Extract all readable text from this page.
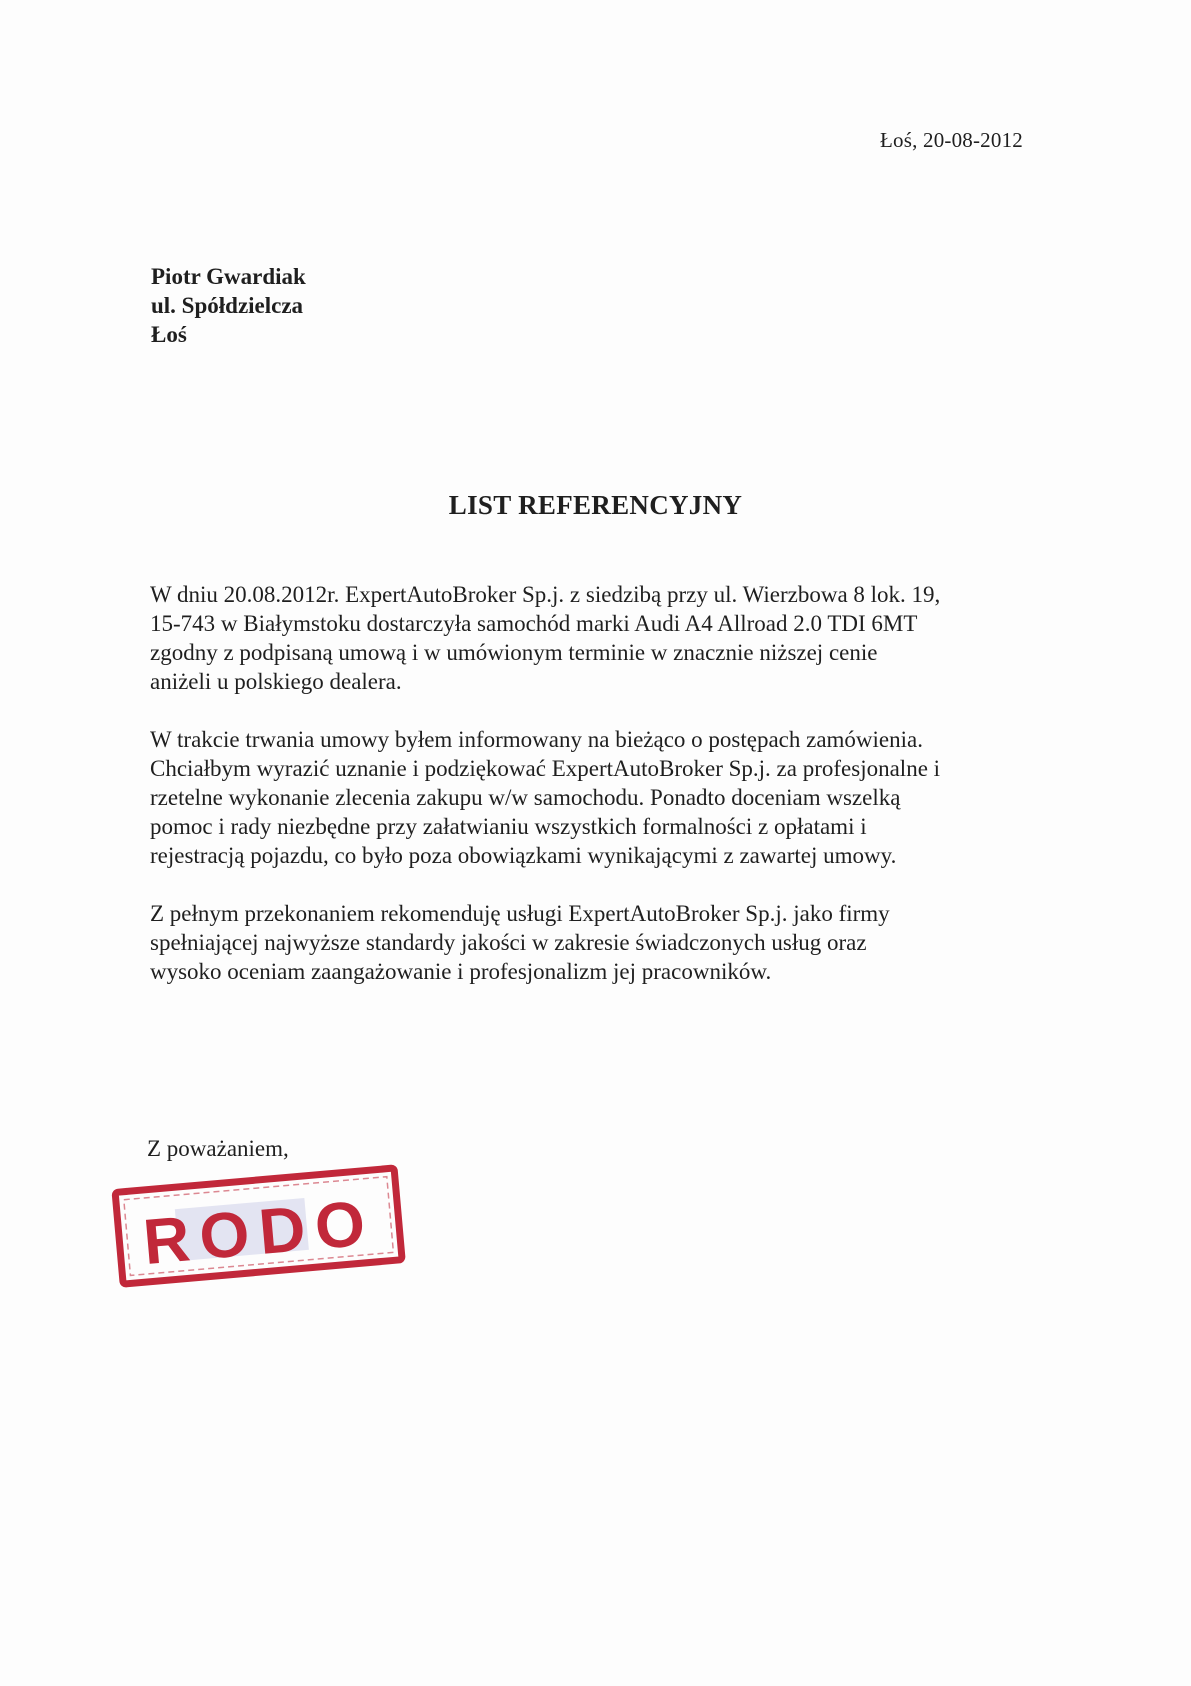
Łoś, 20-08-2012
Piotr Gwardiak
ul. Spółdzielcza
Łoś
LIST REFERENCYJNY
W dniu 20.08.2012r. ExpertAutoBroker Sp.j. z siedzibą przy ul. Wierzbowa 8 lok. 19,
15-743 w Białymstoku dostarczyła samochód marki Audi A4 Allroad 2.0 TDI 6MT
zgodny z podpisaną umową i w umówionym terminie w znacznie niższej cenie
aniżeli u polskiego dealera.
W trakcie trwania umowy byłem informowany na bieżąco o postępach zamówienia.
Chciałbym wyrazić uznanie i podziękować ExpertAutoBroker Sp.j. za profesjonalne i
rzetelne wykonanie zlecenia zakupu w/w samochodu. Ponadto doceniam wszelką
pomoc i rady niezbędne przy załatwianiu wszystkich formalności z opłatami i
rejestracją pojazdu, co było poza obowiązkami wynikającymi z zawartej umowy.
Z pełnym przekonaniem rekomenduję usługi ExpertAutoBroker Sp.j. jako firmy
spełniającej najwyższe standardy jakości w zakresie świadczonych usług oraz
wysoko oceniam zaangażowanie i profesjonalizm jej pracowników.
Z poważaniem,
RODO
